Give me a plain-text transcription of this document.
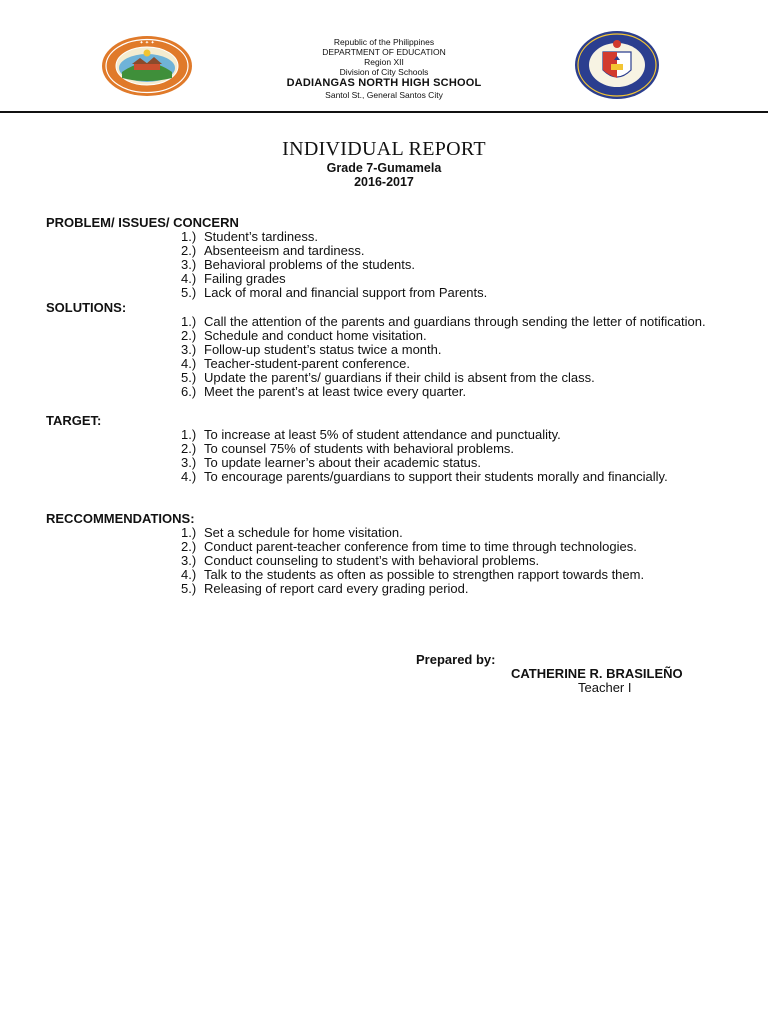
✦ ✦ ✦	Republic of the Philippines
DEPARTMENT OF EDUCATION
Region XII
Division of City Schools
DADIANGAS NORTH HIGH SCHOOL
Santol St., General Santos City
INDIVIDUAL REPORT
Grade 7-Gumamela
2016-2017
PROBLEM/ ISSUES/ CONCERN
1.) Student’s tardiness.
2.) Absenteeism and tardiness.
3.) Behavioral problems of the students.
4.) Failing grades
5.) Lack of moral and financial support from Parents.
SOLUTIONS:
1.) Call the attention of the parents and guardians through sending the letter of notification.
2.) Schedule and conduct home visitation.
3.) Follow-up student’s status twice a month.
4.) Teacher-student-parent conference.
5.) Update the parent’s/ guardians if their child is absent from the class.
6.) Meet the parent’s at least twice every quarter.
TARGET:
1.) To increase at least 5% of student attendance and punctuality.
2.) To counsel 75% of students with behavioral problems.
3.) To update learner’s about their academic status.
4.) To encourage parents/guardians to support their students morally and financially.
RECCOMMENDATIONS:
1.) Set a schedule for home visitation.
2.) Conduct parent-teacher conference from time to time through technologies.
3.) Conduct counseling to student’s with behavioral problems.
4.) Talk to the students as often as possible to strengthen rapport towards them.
5.) Releasing of report card every grading period.
Prepared by:
CATHERINE R. BRASILEÑO
Teacher I
